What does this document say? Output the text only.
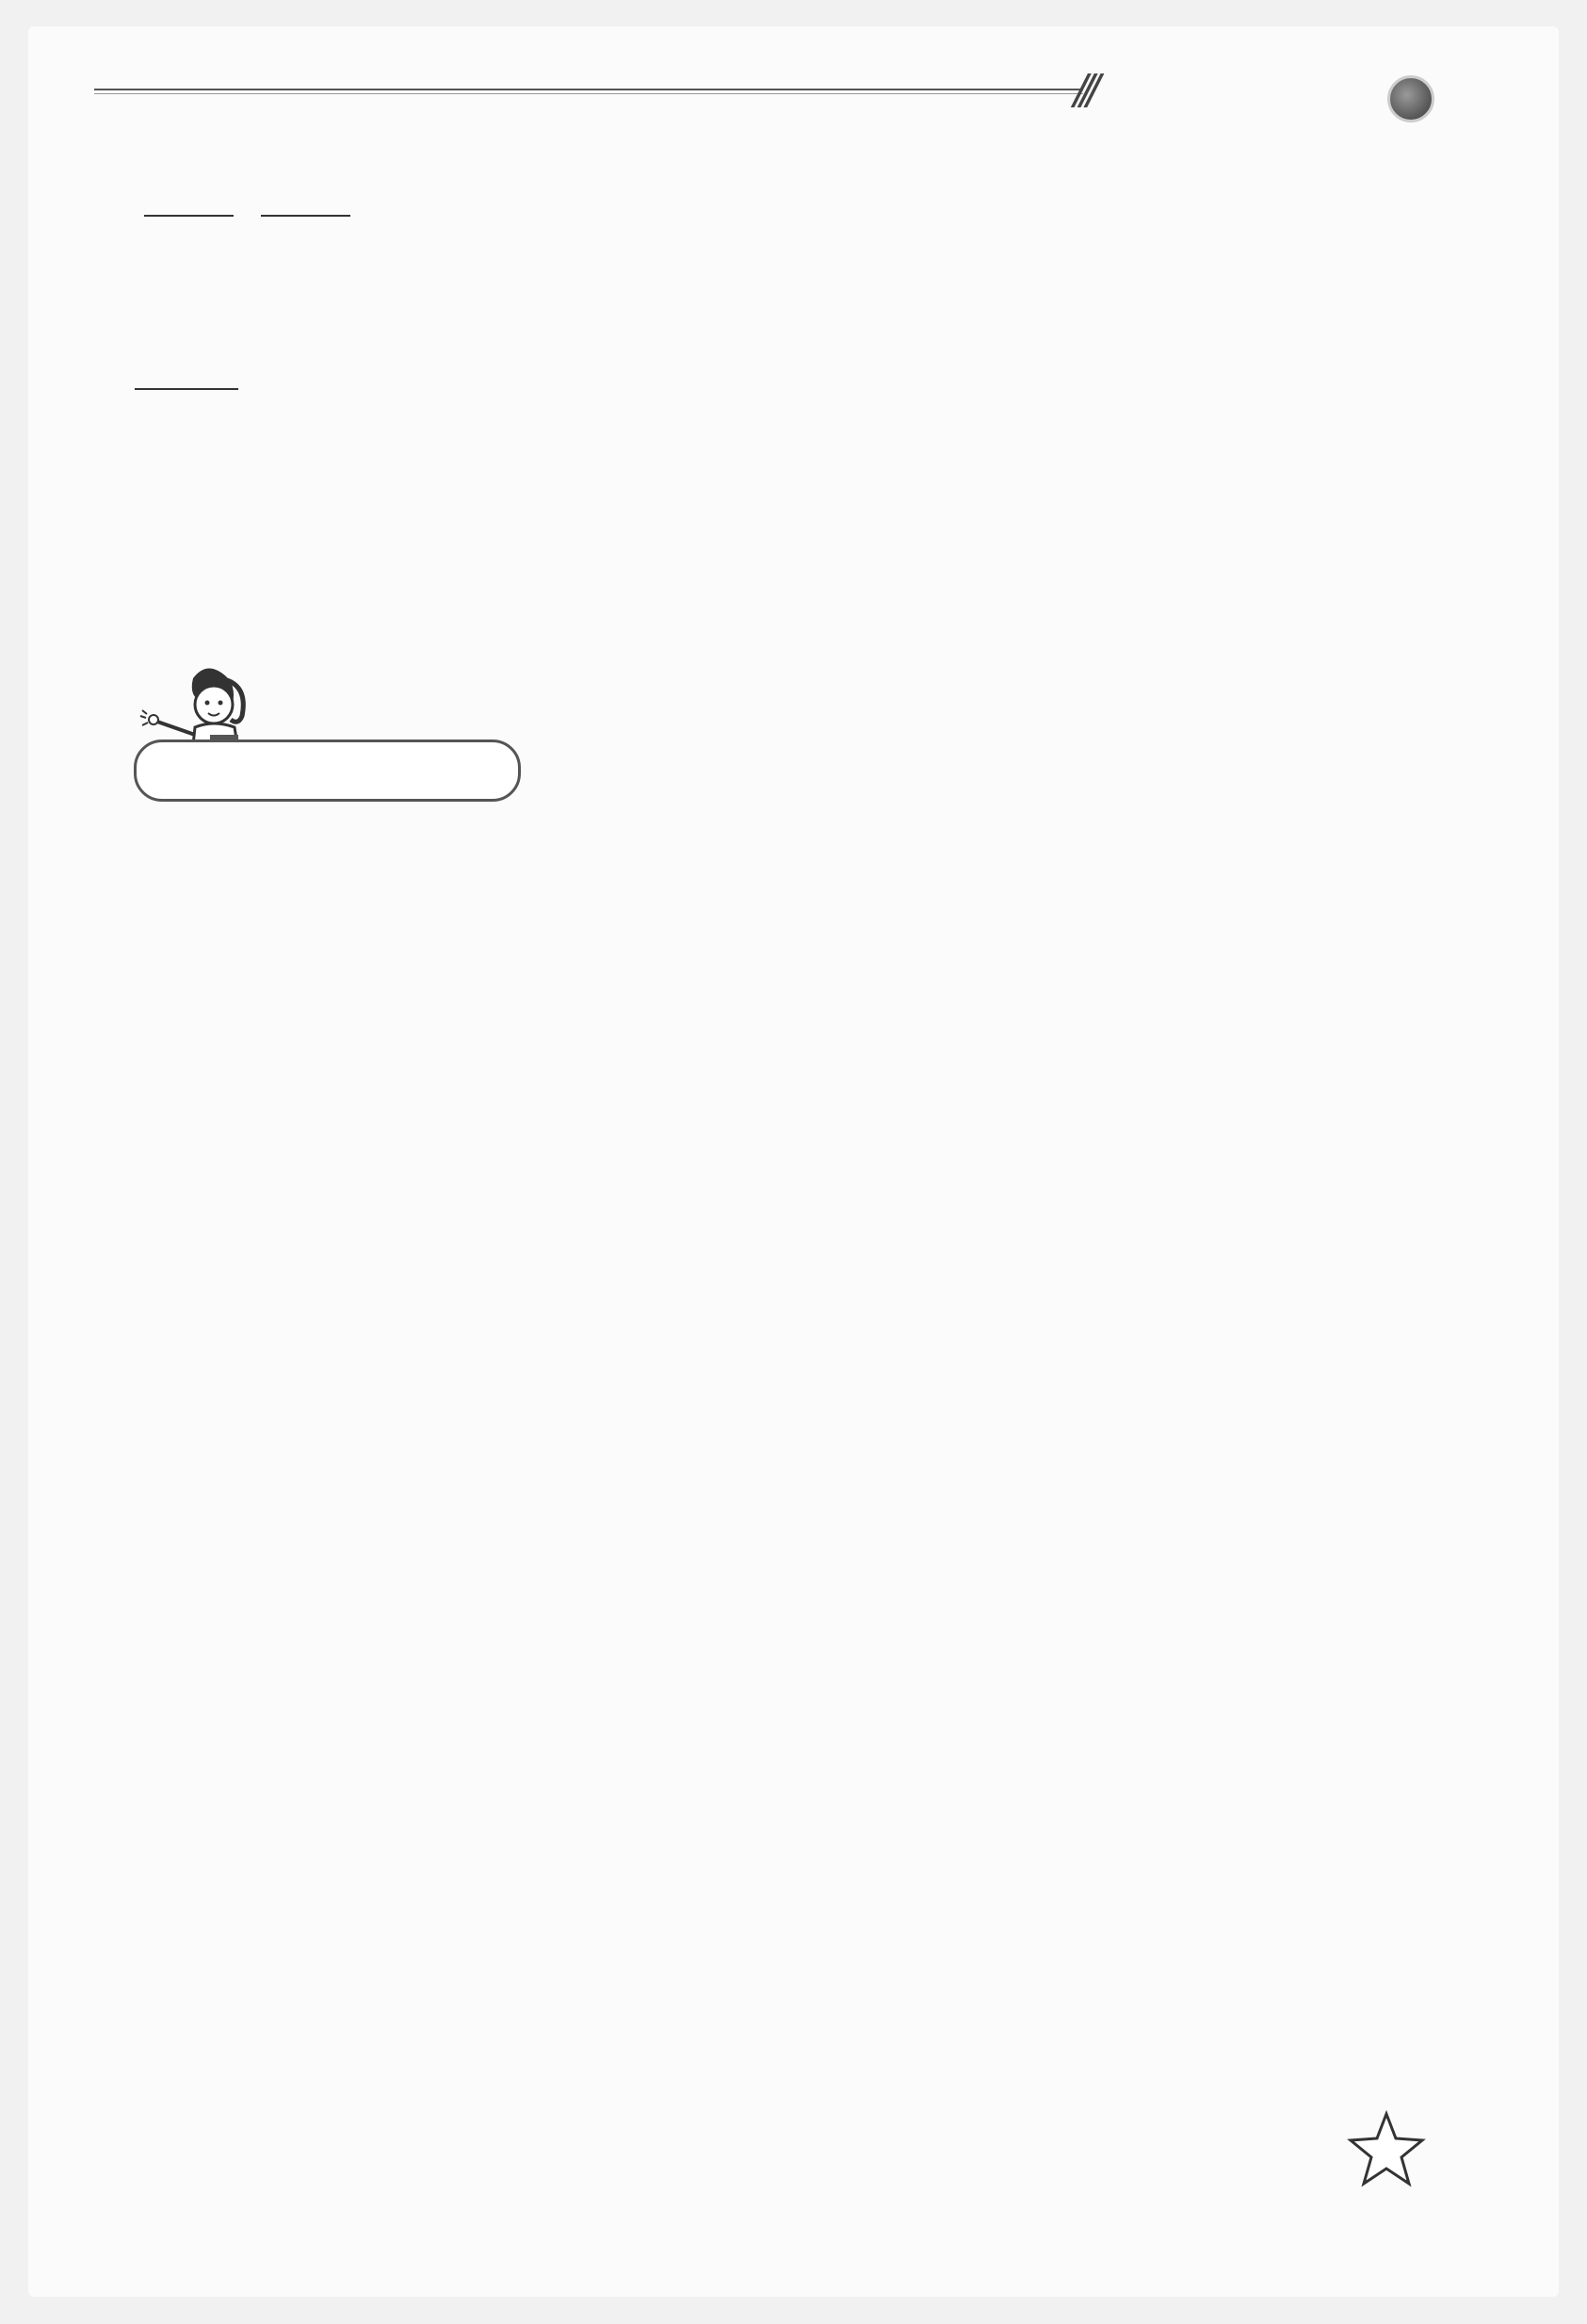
///
